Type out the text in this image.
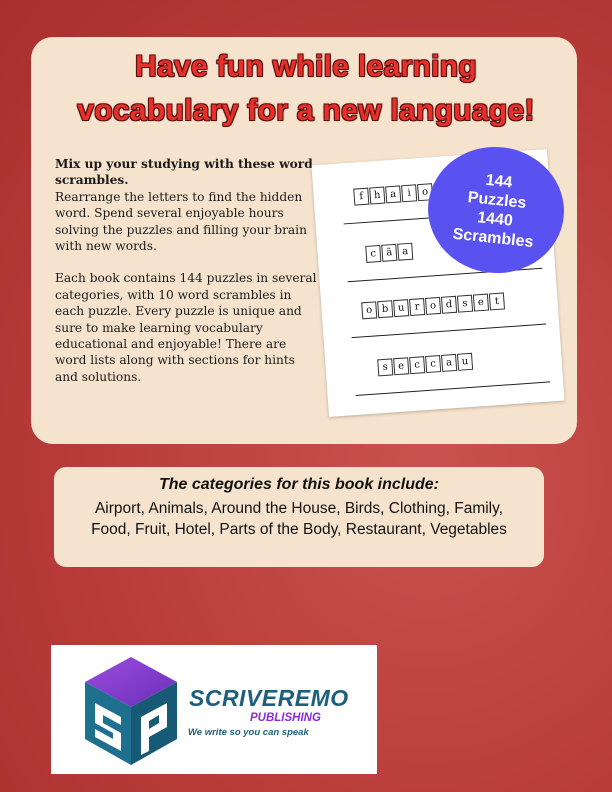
Have fun while learning
vocabulary for a new language!

Mix up your studying with these word scrambles.
Rearrange the letters to find the hidden word. Spend several enjoyable hours solving the puzzles and filling your brain with new words.

Each book contains 144 puzzles in several categories, with 10 word scrambles in each puzzle. Every puzzle is unique and sure to make learning vocabulary educational and enjoyable! There are word lists along with sections for hints and solutions.

f	h a	i	o
c ã a
o b u r o d s e	t
s e c c a u
144
Puzzles
1440
Scrambles

The categories for this book include:

Airport, Animals, Around the House, Birds, Clothing, Family, Food, Fruit, Hotel, Parts of the Body, Restaurant, Vegetables

SCRIVEREMO
PUBLISHING
We write so you can speak
